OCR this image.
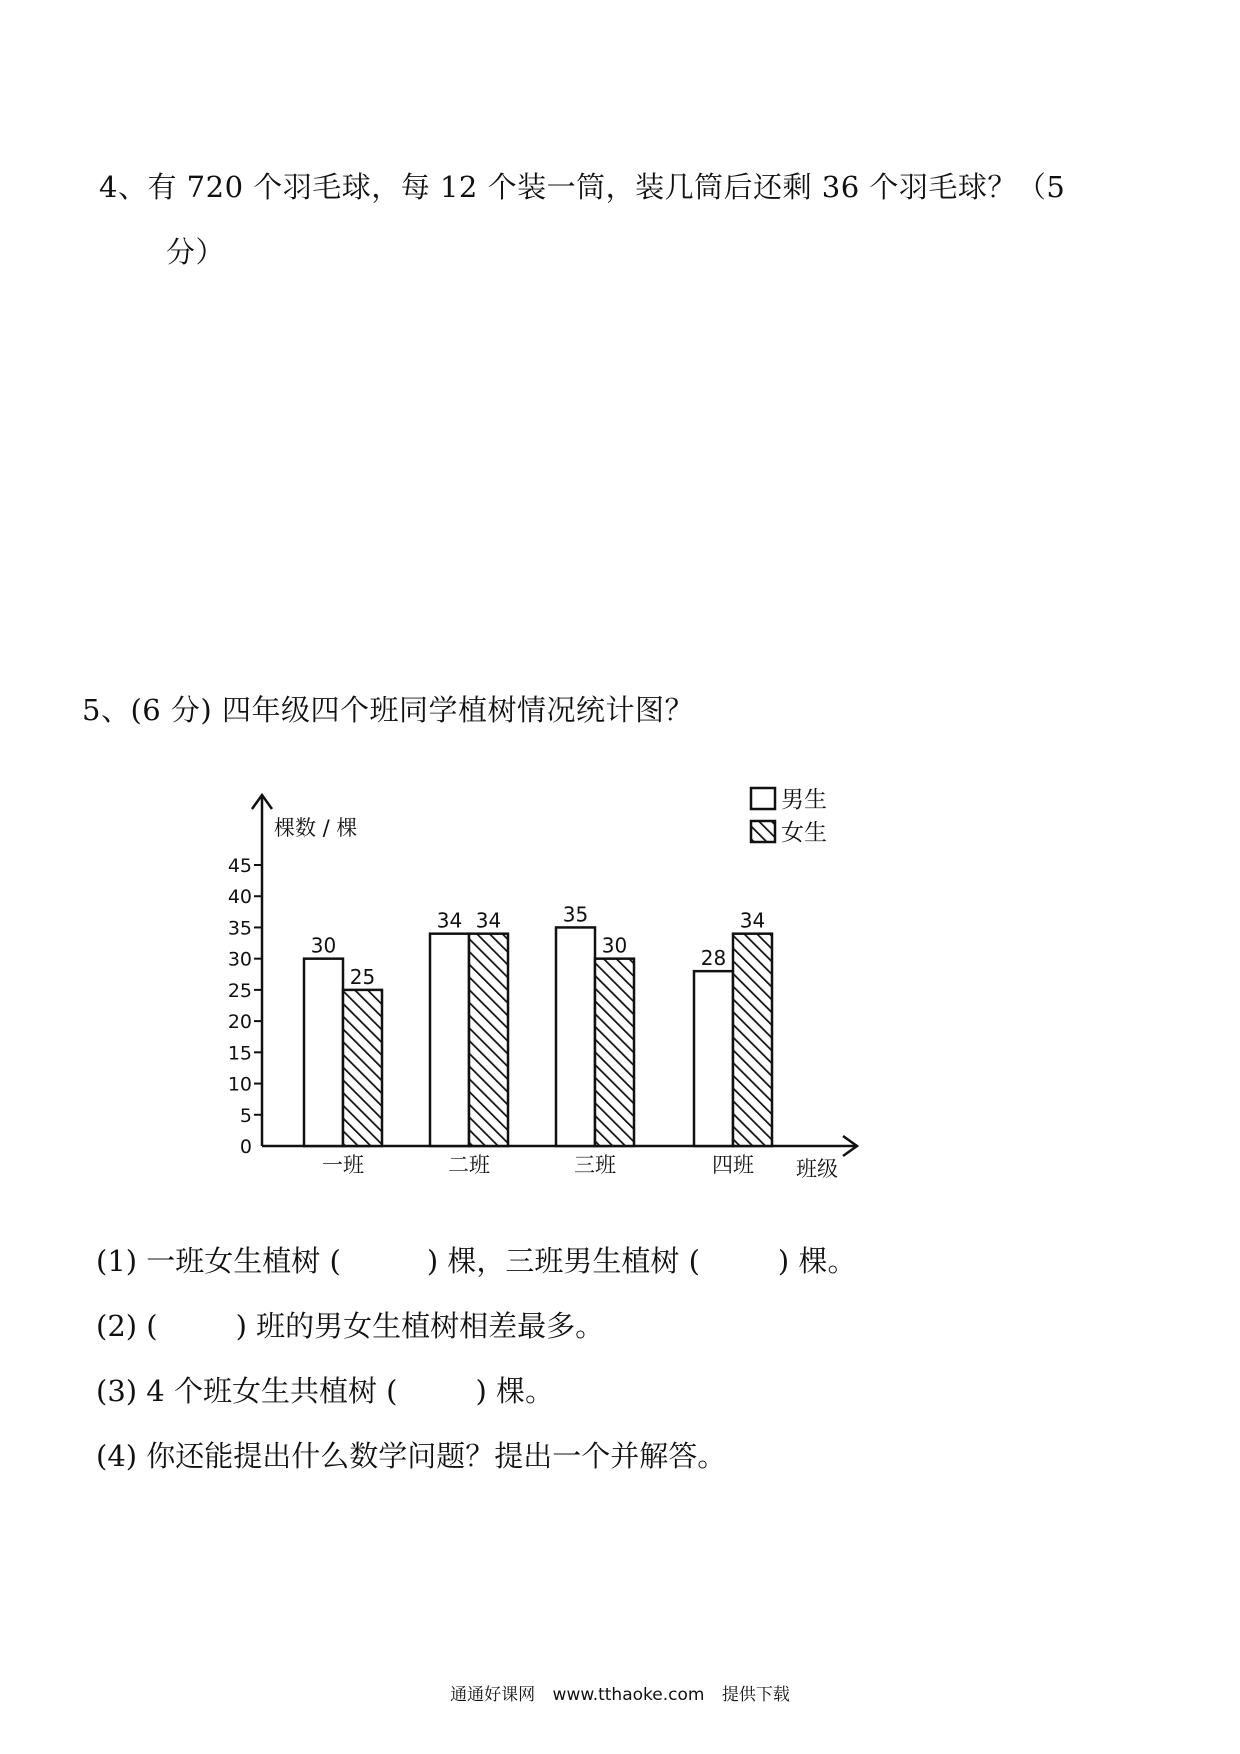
4、有 720 个羽毛球，每 12 个装一筒，装几筒后还剩 36 个羽毛球？（5
分）
5、(6 分) 四年级四个班同学植树情况统计图？
0
5
10
15
20
25
30
35
40
45
棵数 / 棵
班级
30
25
一班
34 34
二班
35
30
三班
28
34
四班
男生
女生
(1) 一班女生植树 (	) 棵，三班男生植树 (	) 棵。
(2) (	) 班的男女生植树相差最多。
(3) 4 个班女生共植树 (	) 棵。
(4) 你还能提出什么数学问题？提出一个并解答。
通通好课网 www.tthaoke.com 提供下载
